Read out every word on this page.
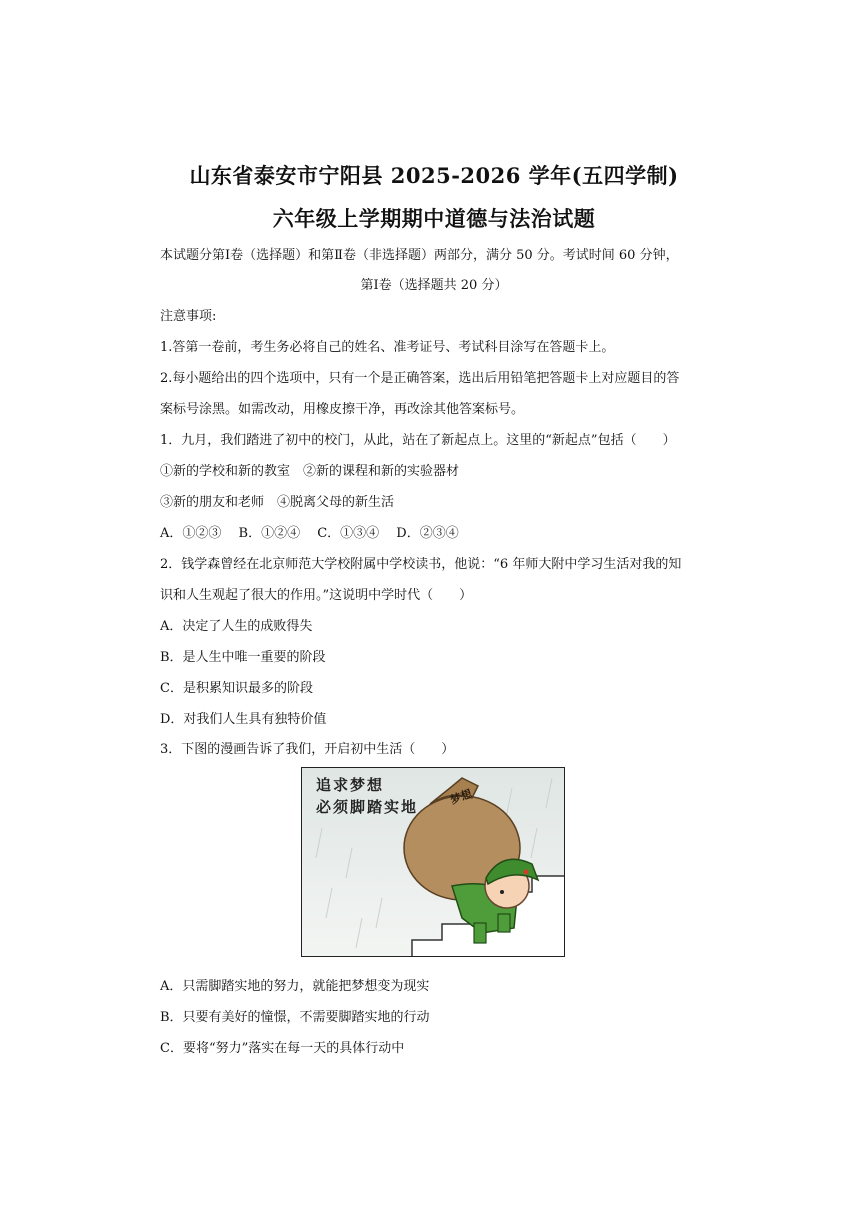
山东省泰安市宁阳县 2025-2026 学年(五四学制)
六年级上学期期中道德与法治试题
本试题分第Ⅰ卷（选择题）和第Ⅱ卷（非选择题）两部分，满分 50 分。考试时间 60 分钟，
第Ⅰ卷（选择题共 20 分）
注意事项:
1.答第一卷前，考生务必将自己的姓名、准考证号、考试科目涂写在答题卡上。
2.每小题给出的四个选项中，只有一个是正确答案，选出后用铅笔把答题卡上对应题目的答
案标号涂黑。如需改动，用橡皮擦干净，再改涂其他答案标号。
1．九月，我们踏进了初中的校门，从此，站在了新起点上。这里的“新起点”包括（　　）
①新的学校和新的教室　②新的课程和新的实验器材
③新的朋友和老师　④脱离父母的新生活
A．①②③　 B．①②④　 C．①③④　 D．②③④
2．钱学森曾经在北京师范大学校附属中学校读书，他说：“6 年师大附中学习生活对我的知
识和人生观起了很大的作用。”这说明中学时代（　　）
A．决定了人生的成败得失
B．是人生中唯一重要的阶段
C．是积累知识最多的阶段
D．对我们人生具有独特价值
3．下图的漫画告诉了我们，开启初中生活（　　）
梦想
追求梦想
必须脚踏实地
A．只需脚踏实地的努力，就能把梦想变为现实
B．只要有美好的憧憬，不需要脚踏实地的行动
C．要将“努力”落实在每一天的具体行动中
